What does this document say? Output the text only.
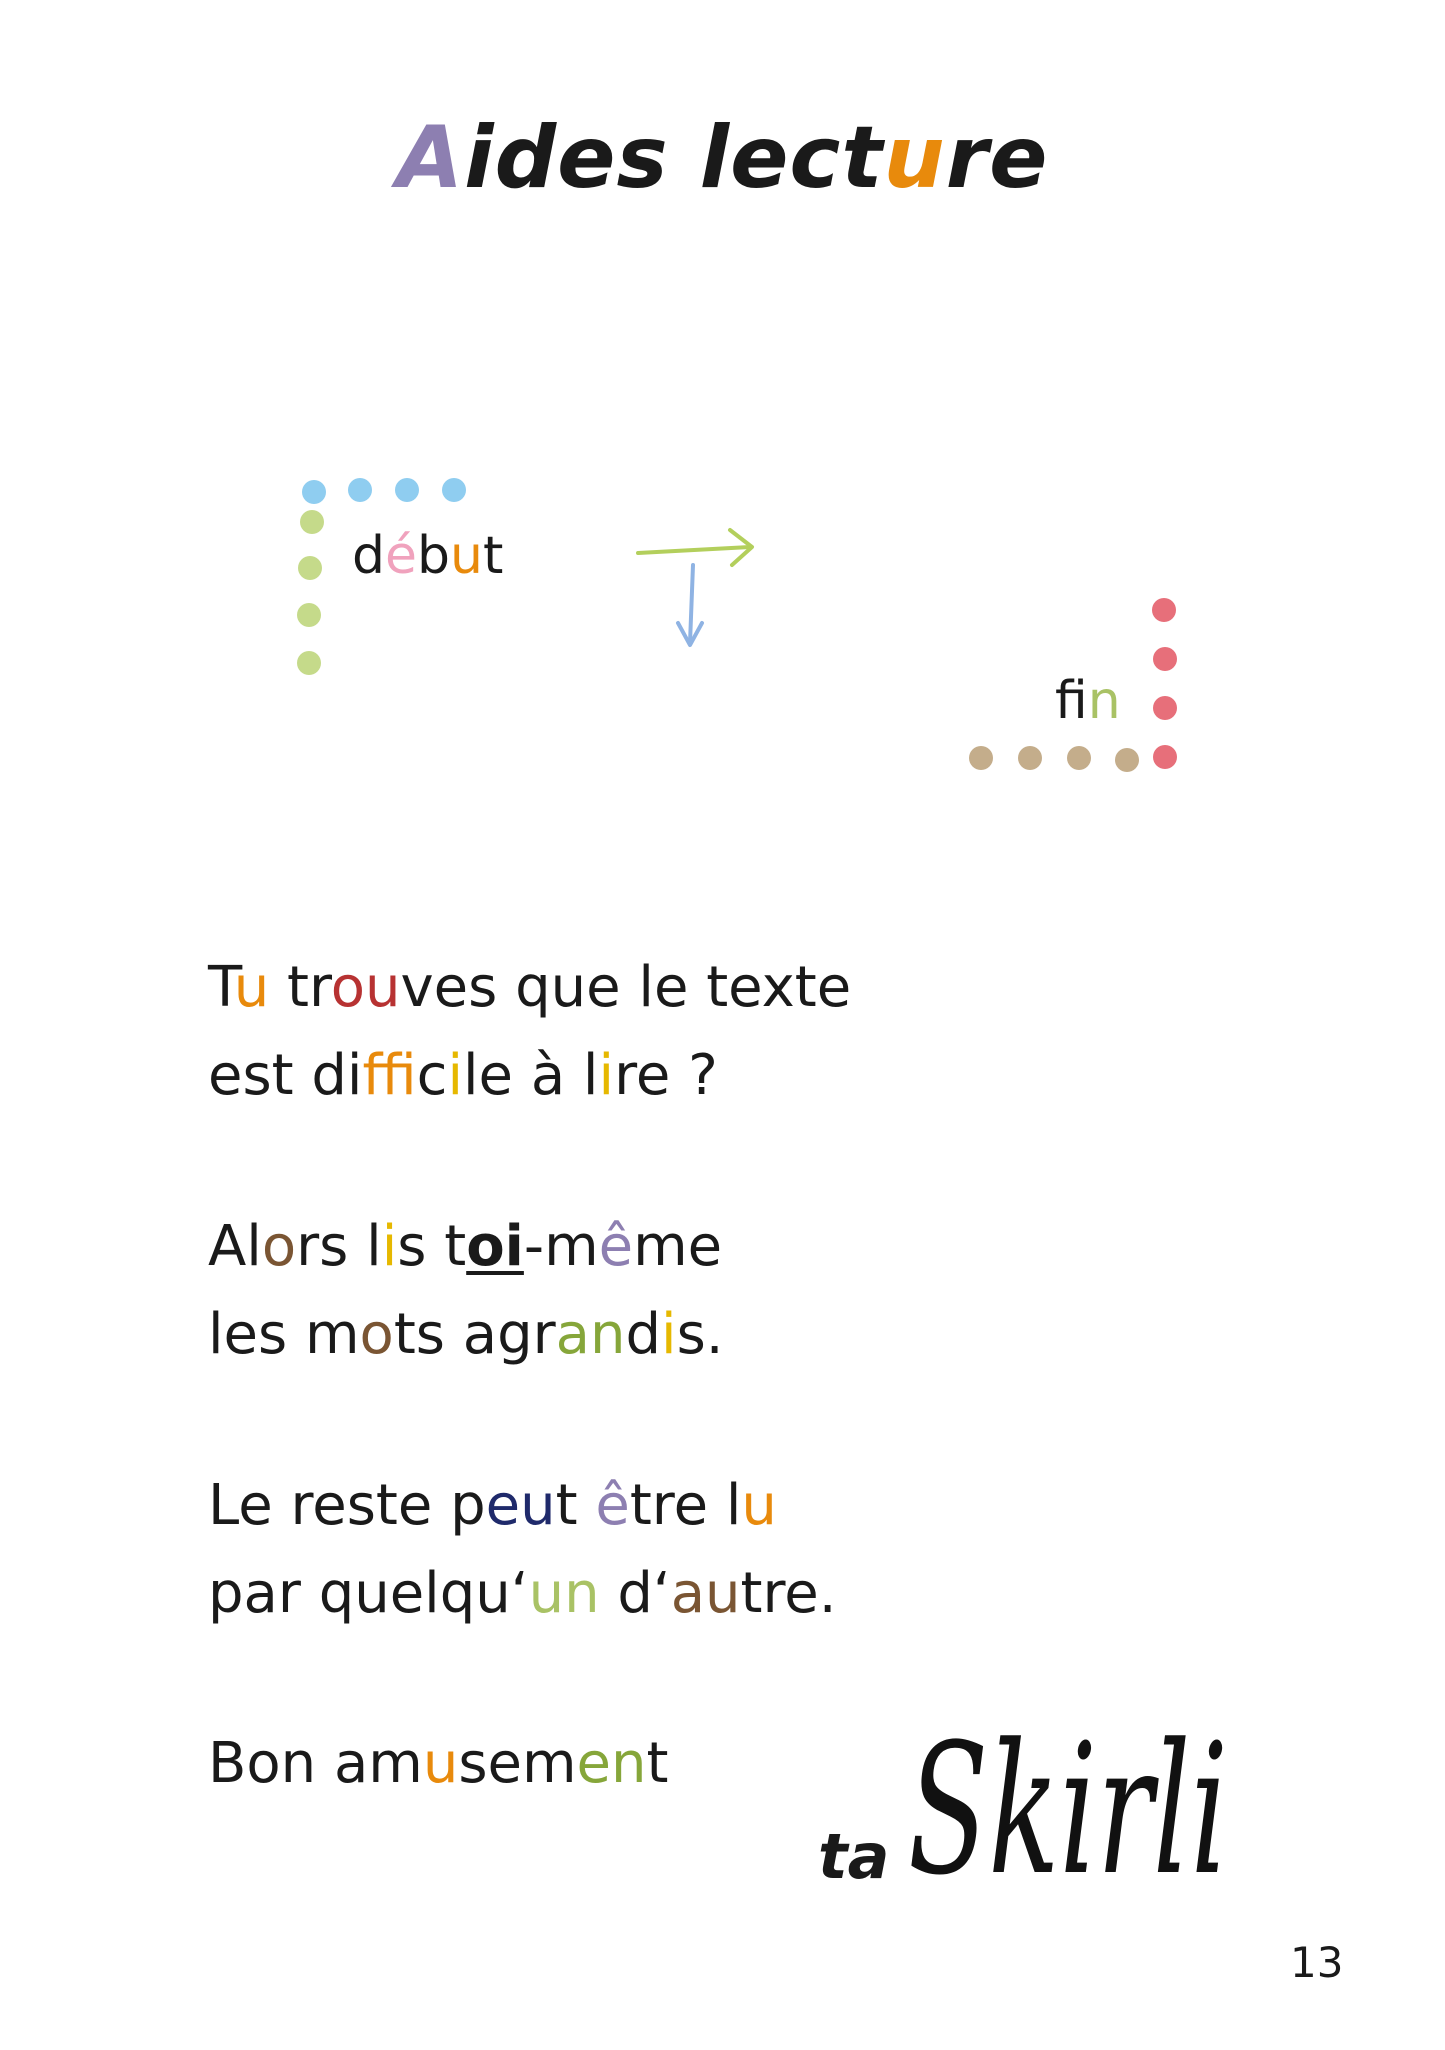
Aides lecture
début
fin
Tu trouves que le texte
est diffcile à lire ?
Alors lis toi-même
les mots agrandis.
Le reste peut être lu
par quelqu‘un d‘autre.
Bon amusement
ta Skirli
13
